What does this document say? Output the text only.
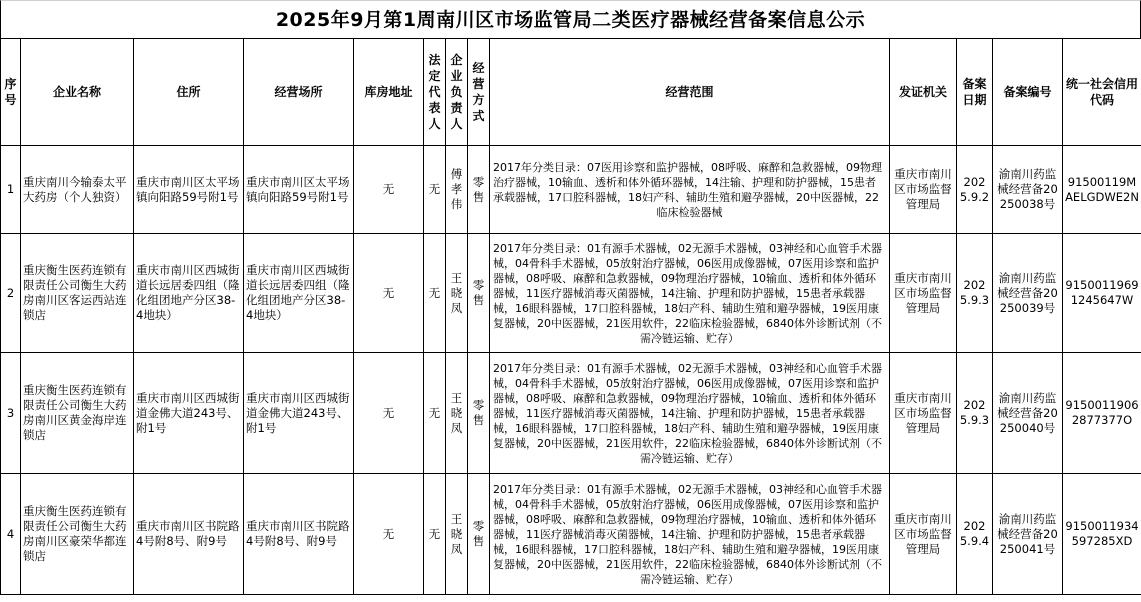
2025年9月第1周南川区市场监管局二类医疗器械经营备案信息公示
序号	企业名称	住所	经营场所	库房地址	法定代表人	企业负责人	经营方式	经营范围	发证机关	备案日期	备案编号	统一社会信用代码
1	重庆南川今输泰太平大药房（个人独资）	重庆市南川区太平场镇向阳路59号附1号	重庆市南川区太平场镇向阳路59号附1号	无	无	傅孝伟	零售	2017年分类目录：07医用诊察和监护器械，08呼吸、麻醉和急救器械，09物理治疗器械，10输血、透析和体外循环器械，14注输、护理和防护器械，15患者承载器械，17口腔科器械，18妇产科、辅助生殖和避孕器械，20中医器械，22临床检验器械	重庆市南川区市场监督管理局	2025.9.2	渝南川药监械经营备20250038号	91500119MAELGDWE2N
2	重庆衡生医药连锁有限责任公司衡生大药房南川区客运西站连锁店	重庆市南川区西城街道长远居委四组（隆化组团地产分区38-4地块）	重庆市南川区西城街道长远居委四组（隆化组团地产分区38-4地块）	无	无	王晓凤	零售	2017年分类目录：01有源手术器械，02无源手术器械，03神经和心血管手术器械，04骨科手术器械，05放射治疗器械，06医用成像器械，07医用诊察和监护器械，08呼吸、麻醉和急救器械，09物理治疗器械，10输血、透析和体外循环器械，11医疗器械消毒灭菌器械，14注输、护理和防护器械，15患者承载器械，16眼科器械，17口腔科器械，18妇产科、辅助生殖和避孕器械，19医用康复器械，20中医器械，21医用软件，22临床检验器械，6840体外诊断试剂（不需冷链运输、贮存）	重庆市南川区市场监督管理局	2025.9.3	渝南川药监械经营备20250039号	91500119691245647W
3	重庆衡生医药连锁有限责任公司衡生大药房南川区黄金海岸连锁店	重庆市南川区西城街道金佛大道243号、附1号	重庆市南川区西城街道金佛大道243号、附1号	无	无	王晓凤	零售	2017年分类目录：01有源手术器械，02无源手术器械，03神经和心血管手术器械，04骨科手术器械，05放射治疗器械，06医用成像器械，07医用诊察和监护器械，08呼吸、麻醉和急救器械，09物理治疗器械，10输血、透析和体外循环器械，11医疗器械消毒灭菌器械，14注输、护理和防护器械，15患者承载器械，16眼科器械，17口腔科器械，18妇产科、辅助生殖和避孕器械，19医用康复器械，20中医器械，21医用软件，22临床检验器械，6840体外诊断试剂（不需冷链运输、贮存）	重庆市南川区市场监督管理局	2025.9.3	渝南川药监械经营备20250040号	91500119062877377O
4	重庆衡生医药连锁有限责任公司衡生大药房南川区豪荣华都连锁店	重庆市南川区书院路4号附8号、附9号	重庆市南川区书院路4号附8号、附9号	无	无	王晓凤	零售	2017年分类目录：01有源手术器械，02无源手术器械，03神经和心血管手术器械，04骨科手术器械，05放射治疗器械，06医用成像器械，07医用诊察和监护器械，08呼吸、麻醉和急救器械，09物理治疗器械，10输血、透析和体外循环器械，11医疗器械消毒灭菌器械，14注输、护理和防护器械，15患者承载器械，16眼科器械，17口腔科器械，18妇产科、辅助生殖和避孕器械，19医用康复器械，20中医器械，21医用软件，22临床检验器械，6840体外诊断试剂（不需冷链运输、贮存）	重庆市南川区市场监督管理局	2025.9.4	渝南川药监械经营备20250041号	9150011934597285XD
